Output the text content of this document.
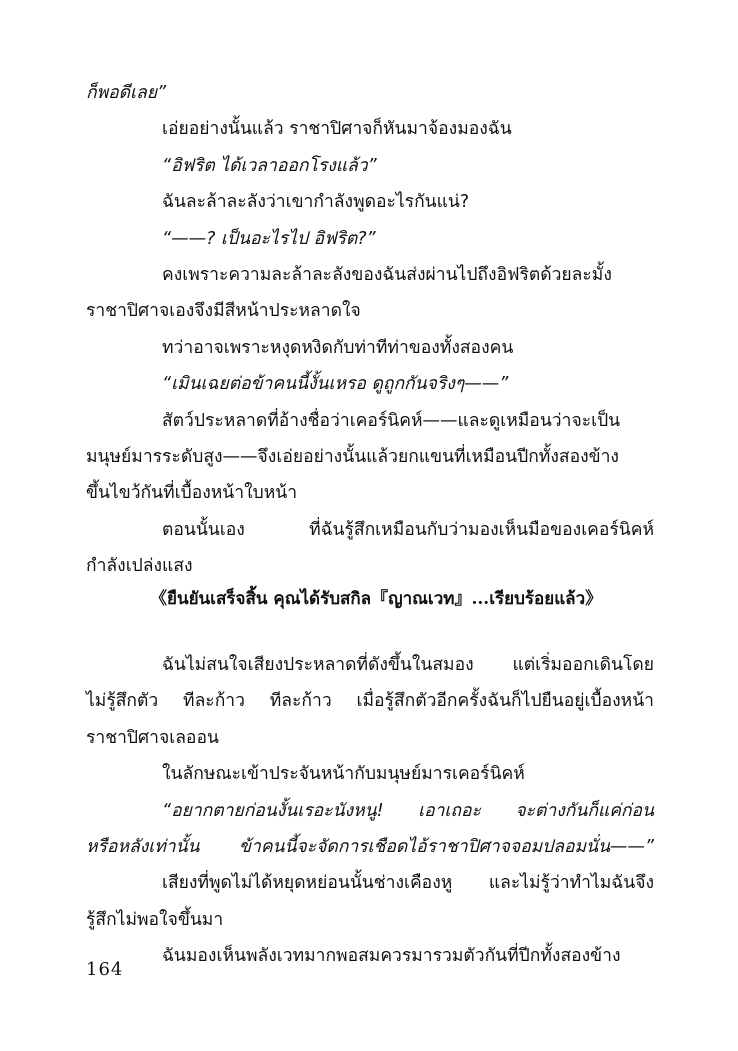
ก็พอดีเลย”
เอ่ยอย่างนั้นแล้ว ราชาปิศาจก็หันมาจ้องมองฉัน
“อิฟริต ได้เวลาออกโรงแล้ว”
ฉันละล้าละลังว่าเขากำลังพูดอะไรกันแน่?
“——? เป็นอะไรไป อิฟริต?”
คงเพราะความละล้าละลังของฉันส่งผ่านไปถึงอิฟริตด้วยละมั้ง
ราชาปิศาจเองจึงมีสีหน้าประหลาดใจ
ทว่าอาจเพราะหงุดหงิดกับท่าทีท่าของทั้งสองคน
“เมินเฉยต่อข้าคนนี้งั้นเหรอ ดูถูกกันจริงๆ——”
สัตว์ประหลาดที่อ้างชื่อว่าเคอร์นิคห์——และดูเหมือนว่าจะเป็น
มนุษย์มารระดับสูง——จึงเอ่ยอย่างนั้นแล้วยกแขนที่เหมือนปีกทั้งสองข้าง
ขึ้นไขว้กันที่เบื้องหน้าใบหน้า
ตอนนั้นเอง ที่ฉันรู้สึกเหมือนกับว่ามองเห็นมือของเคอร์นิคห์
กำลังเปล่งแสง
《ยืนยันเสร็จสิ้น คุณได้รับสกิล『ญาณเวท』...เรียบร้อยแล้ว》
ฉันไม่สนใจเสียงประหลาดที่ดังขึ้นในสมอง แต่เริ่มออกเดินโดย
ไม่รู้สึกตัว ทีละก้าว ทีละก้าว เมื่อรู้สึกตัวอีกครั้งฉันก็ไปยืนอยู่เบื้องหน้า
ราชาปิศาจเลออน
ในลักษณะเข้าประจันหน้ากับมนุษย์มารเคอร์นิคห์
“อยากตายก่อนงั้นเรอะนังหนู! เอาเถอะ จะต่างกันก็แค่ก่อน
หรือหลังเท่านั้น ข้าคนนี้จะจัดการเชือดไอ้ราชาปิศาจจอมปลอมนั่น——”
เสียงที่พูดไม่ได้หยุดหย่อนนั้นช่างเคืองหู และไม่รู้ว่าทำไมฉันจึง
รู้สึกไม่พอใจขึ้นมา
ฉันมองเห็นพลังเวทมากพอสมควรมารวมตัวกันที่ปีกทั้งสองข้าง
164
